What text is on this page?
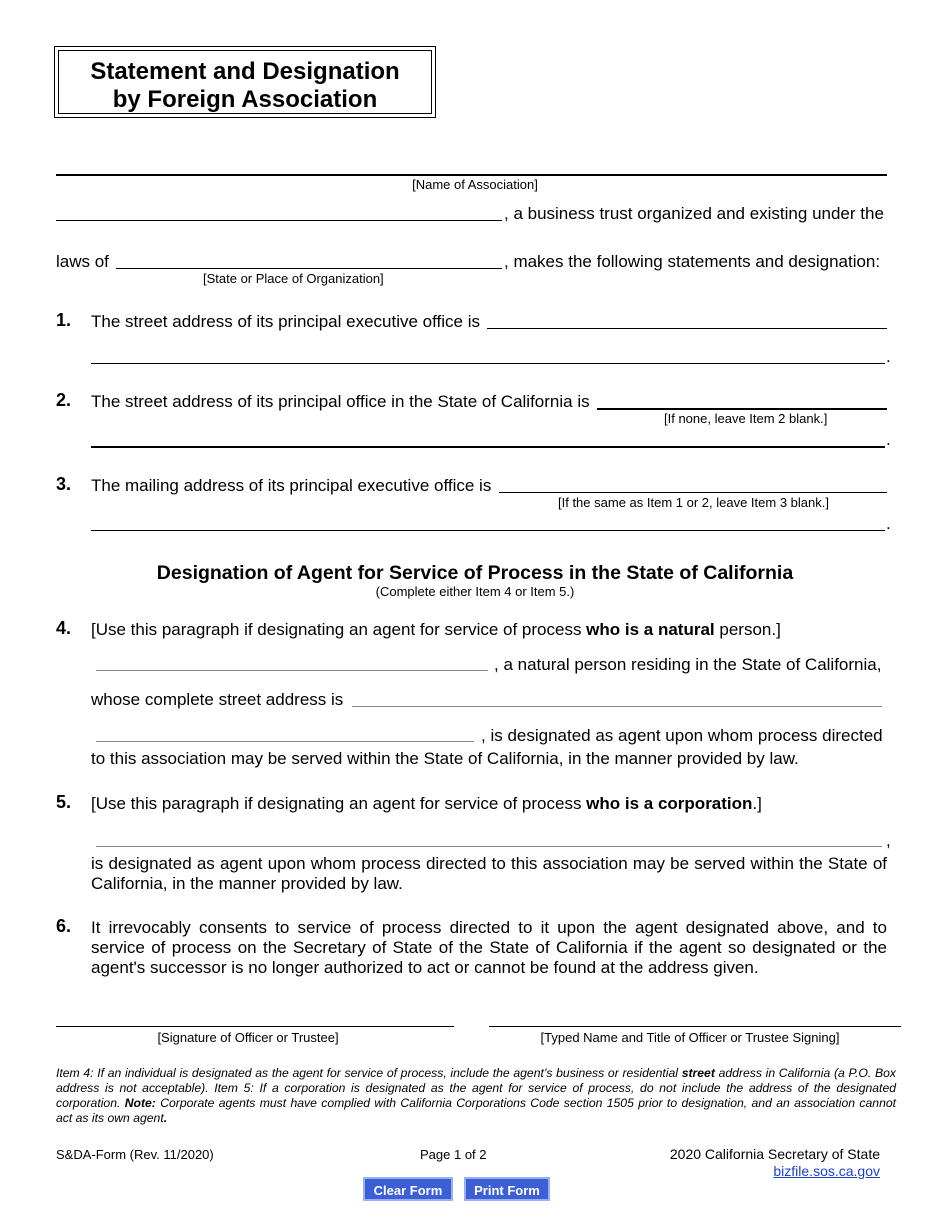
Statement and Designation
by Foreign Association
[Name of Association]
, a business trust organized and existing under the
laws of	, makes the following statements and designation:
[State or Place of Organization]
1. The street address of its principal executive office is
.
2. The street address of its principal office in the State of California is
[If none, leave Item 2 blank.]
.
3. The mailing address of its principal executive office is
[If the same as Item 1 or 2, leave Item 3 blank.]
.
Designation of Agent for Service of Process in the State of California
(Complete either Item 4 or Item 5.)
4. [Use this paragraph if designating an agent for service of process who is a natural person.]
, a natural person residing in the State of California,
whose complete street address is
, is designated as agent upon whom process directed
to this association may be served within the State of California, in the manner provided by law.
5. [Use this paragraph if designating an agent for service of process who is a corporation.]
,
is designated as agent upon whom process directed to this association may be served within the State of California, in the manner provided by law.
6. It irrevocably consents to service of process directed to it upon the agent designated above, and to service of process on the Secretary of State of the State of California if the agent so designated or the agent's successor is no longer authorized to act or cannot be found at the address given.
[Signature of Officer or Trustee]	[Typed Name and Title of Officer or Trustee Signing]
Item 4: If an individual is designated as the agent for service of process, include the agent’s business or residential street address in California (a P.O. Box address is not acceptable). Item 5: If a corporation is designated as the agent for service of process, do not include the address of the designated corporation. Note: Corporate agents must have complied with California Corporations Code section 1505 prior to designation, and an association cannot act as its own agent.
S&DA-Form (Rev. 11/2020)	Page 1 of 2	2020 California Secretary of State
bizfile.sos.ca.gov
Clear Form	Print Form
